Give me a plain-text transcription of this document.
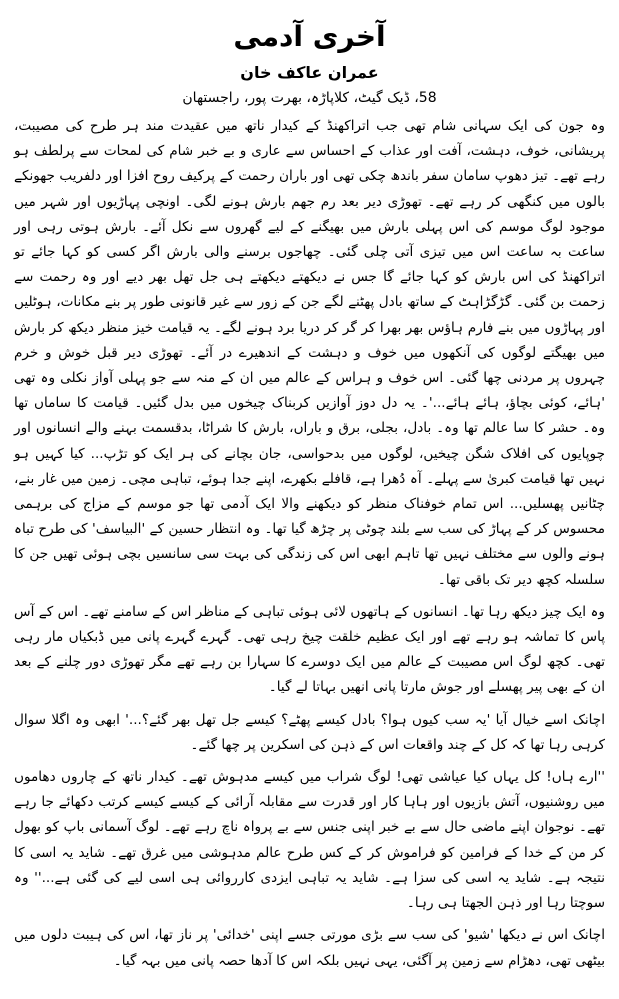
آخری آدمی
عمران عاکف خان
58، ڈیک گیٹ، کلاپاڑہ، بھرت پور، راجستھان

وہ جون کی ایک سہانی شام تھی جب اتراکھنڈ کے کیدار ناتھ میں عقیدت مند ہر طرح کی مصیبت، پریشانی، خوف، دہشت، آفت اور عذاب کے احساس سے عاری و بے خبر شام کی لمحات سے پرلطف ہو رہے تھے۔ تیز دھوپ سامان سفر باندھ چکی تھی اور باران رحمت کے پرکیف روح افزا اور دلفریب جھونکے بالوں میں کنگھی کر رہے تھے۔ تھوڑی دیر بعد رم جھم بارش ہونے لگی۔ اونچی پہاڑیوں اور شہر میں موجود لوگ موسم کی اس پہلی بارش میں بھیگنے کے لیے گھروں سے نکل آئے۔ بارش ہوتی رہی اور ساعت بہ ساعت اس میں تیزی آتی چلی گئی۔ چھاجوں برسنے والی بارش اگر کسی کو کہا جائے تو اتراکھنڈ کی اس بارش کو کہا جائے گا جس نے دیکھتے دیکھتے ہی جل تھل بھر دیے اور وہ رحمت سے زحمت بن گئی۔ گڑگڑاہٹ کے ساتھ بادل پھٹنے لگے جن کے زور سے غیر قانونی طور پر بنے مکانات، ہوٹلیں اور پہاڑوں میں بنے فارم ہاؤس بھر بھرا کر گر کر دریا برد ہونے لگے۔ یہ قیامت خیز منظر دیکھ کر بارش میں بھیگتے لوگوں کی آنکھوں میں خوف و دہشت کے اندھیرے در آئے۔ تھوڑی دیر قبل خوش و خرم چہروں پر مردنی چھا گئی۔ اس خوف و ہراس کے عالم میں ان کے منہ سے جو پہلی آواز نکلی وہ تھی 'ہائے، کوئی بچاؤ، ہائے ہائے...'۔ یہ دل دوز آوازیں کربناک چیخوں میں بدل گئیں۔ قیامت کا ساماں تھا وہ۔ حشر کا سا عالم تھا وہ۔ بادل، بجلی، برق و باراں، بارش کا شراٹا، بدقسمت بہنے والے انسانوں اور چوپایوں کی افلاک شگن چیخیں، لوگوں میں بدحواسی، جان بچانے کی ہر ایک کو تڑپ... کیا کہیں ہو نہیں تھا قیامت کبریٰ سے پہلے۔ آہ دُھرا ہے، قافلے بکھرے، اپنے جدا ہوئے، تباہی مچی۔ زمین میں غار بنے، چٹانیں پھسلیں... اس تمام خوفناک منظر کو دیکھنے والا ایک آدمی تھا جو موسم کے مزاج کی برہمی محسوس کر کے پہاڑ کی سب سے بلند چوٹی پر چڑھ گیا تھا۔ وہ انتظار حسین کے 'البیاسف' کی طرح تباہ ہونے والوں سے مختلف نہیں تھا تاہم ابھی اس کی زندگی کی بہت سی سانسیں بچی ہوئی تھیں جن کا سلسلہ کچھ دیر تک باقی تھا۔

وہ ایک چیز دیکھ رہا تھا۔ انسانوں کے ہاتھوں لائی ہوئی تباہی کے مناظر اس کے سامنے تھے۔ اس کے آس پاس کا تماشہ ہو رہے تھے اور ایک عظیم خلقت چیخ رہی تھی۔ گہرے گہرے پانی میں ڈبکیاں مار رہی تھی۔ کچھ لوگ اس مصیبت کے عالم میں ایک دوسرے کا سہارا بن رہے تھے مگر تھوڑی دور چلنے کے بعد ان کے بھی پیر پھسلے اور جوش مارتا پانی انھیں بہاتا لے گیا۔

اچانک اسے خیال آیا 'یہ سب کیوں ہوا؟ بادل کیسے پھٹے؟ کیسے جل تھل بھر گئے؟...' ابھی وہ اگلا سوال کرہی رہا تھا کہ کل کے چند واقعات اس کے ذہن کی اسکرین پر چھا گئے۔

''ارے ہاں! کل یہاں کیا عیاشی تھی! لوگ شراب میں کیسے مدہوش تھے۔ کیدار ناتھ کے چاروں دھاموں میں روشنیوں، آتش بازیوں اور ہاہا کار اور قدرت سے مقابلہ آرائی کے کیسے کیسے کرتب دکھائے جا رہے تھے۔ نوجوان اپنے ماضی حال سے بے خبر اپنی جنس سے بے پرواہ ناچ رہے تھے۔ لوگ آسمانی باپ کو بھول کر من کے خدا کے فرامین کو فراموش کر کے کس طرح عالم مدہوشی میں غرق تھے۔ شاید یہ اسی کا نتیجہ ہے۔ شاید یہ اسی کی سزا ہے۔ شاید یہ تباہی ایزدی کارروائی ہی اسی لیے کی گئی ہے...'' وہ سوچتا رہا اور ذہن الجھتا ہی رہا۔

اچانک اس نے دیکھا 'شیو' کی سب سے بڑی مورتی جسے اپنی 'خدائی' پر ناز تھا، اس کی ہیبت دلوں میں بیٹھی تھی، دھڑام سے زمین پر آگئی، یہی نہیں بلکہ اس کا آدھا حصہ پانی میں بہہ گیا۔
